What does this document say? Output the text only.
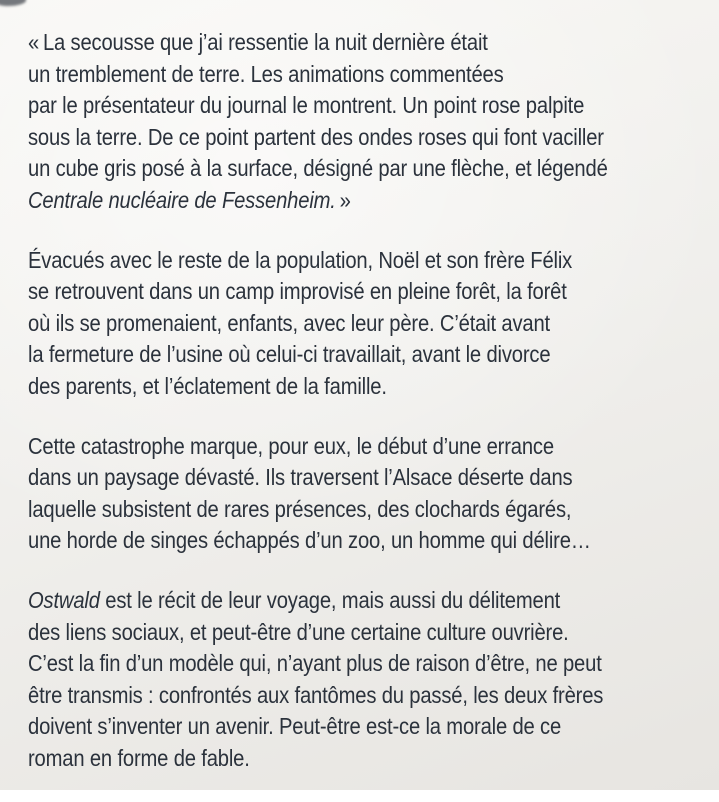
« La secousse que j’ai ressentie la nuit dernière était
un tremblement de terre. Les animations commentées
par le présentateur du journal le montrent. Un point rose palpite
sous la terre. De ce point partent des ondes roses qui font vaciller
un cube gris posé à la surface, désigné par une flèche, et légendé
Centrale nucléaire de Fessenheim. »
Évacués avec le reste de la population, Noël et son frère Félix
se retrouvent dans un camp improvisé en pleine forêt, la forêt
où ils se promenaient, enfants, avec leur père. C’était avant
la fermeture de l’usine où celui-ci travaillait, avant le divorce
des parents, et l’éclatement de la famille.
Cette catastrophe marque, pour eux, le début d’une errance
dans un paysage dévasté. Ils traversent l’Alsace déserte dans
laquelle subsistent de rares présences, des clochards égarés,
une horde de singes échappés d’un zoo, un homme qui délire…
Ostwald est le récit de leur voyage, mais aussi du délitement
des liens sociaux, et peut-être d’une certaine culture ouvrière.
C’est la fin d’un modèle qui, n’ayant plus de raison d’être, ne peut
être transmis : confrontés aux fantômes du passé, les deux frères
doivent s’inventer un avenir. Peut-être est-ce la morale de ce
roman en forme de fable.
